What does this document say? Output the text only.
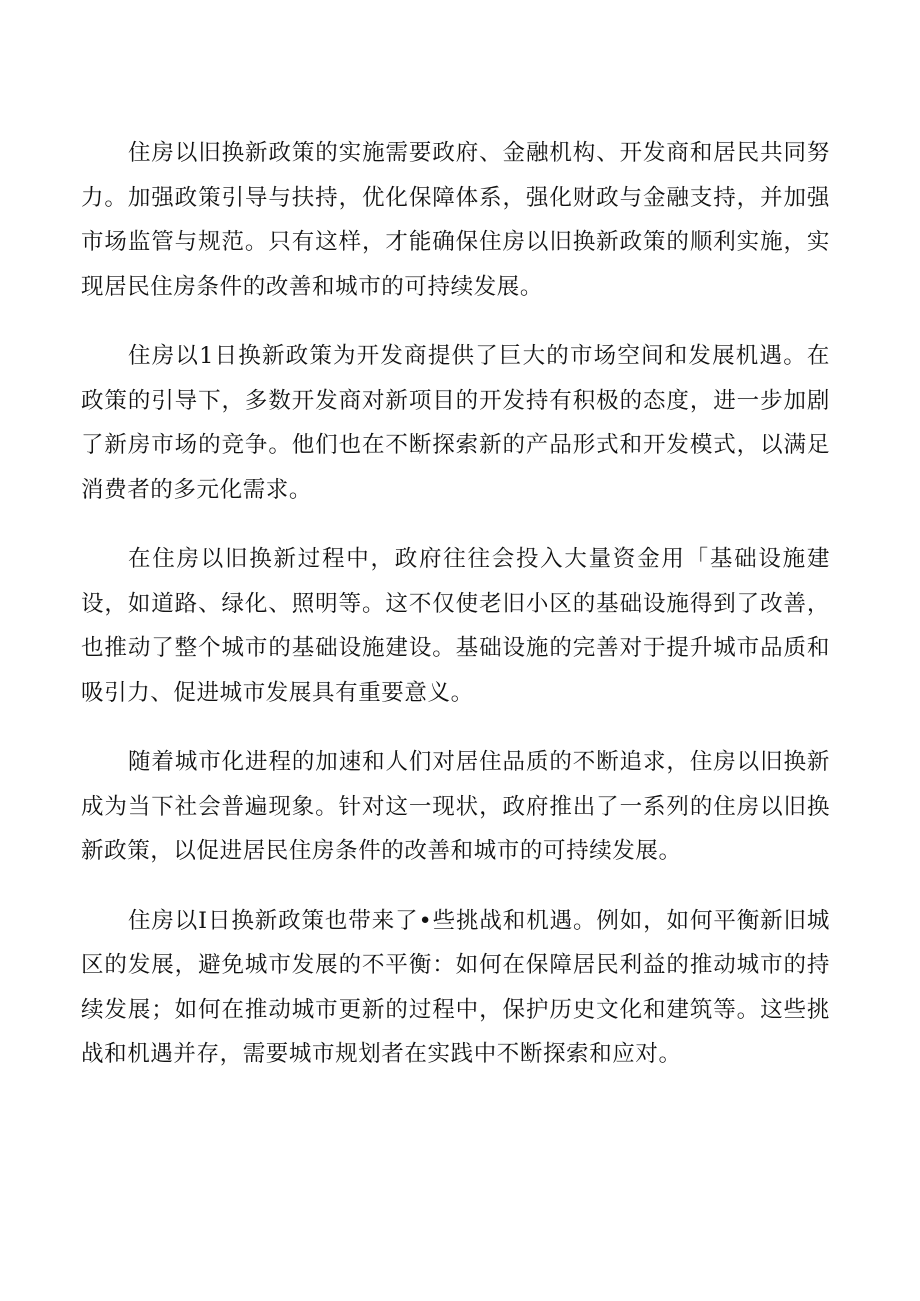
住房以旧换新政策的实施需要政府、金融机构、开发商和居民共同努力。加强政策引导与扶持，优化保障体系，强化财政与金融支持，并加强市场监管与规范。只有这样，才能确保住房以旧换新政策的顺利实施，实现居民住房条件的改善和城市的可持续发展。

住房以1日换新政策为开发商提供了巨大的市场空间和发展机遇。在政策的引导下，多数开发商对新项目的开发持有积极的态度，进一步加剧了新房市场的竞争。他们也在不断探索新的产品形式和开发模式，以满足消费者的多元化需求。

在住房以旧换新过程中，政府往往会投入大量资金用「基础设施建设，如道路、绿化、照明等。这不仅使老旧小区的基础设施得到了改善，也推动了整个城市的基础设施建设。基础设施的完善对于提升城市品质和吸引力、促进城市发展具有重要意义。

随着城市化进程的加速和人们对居住品质的不断追求，住房以旧换新成为当下社会普遍现象。针对这一现状，政府推出了一系列的住房以旧换新政策，以促进居民住房条件的改善和城市的可持续发展。

住房以I日换新政策也带来了•些挑战和机遇。例如，如何平衡新旧城区的发展，避免城市发展的不平衡：如何在保障居民利益的推动城市的持续发展；如何在推动城市更新的过程中，保护历史文化和建筑等。这些挑战和机遇并存，需要城市规划者在实践中不断探索和应对。
